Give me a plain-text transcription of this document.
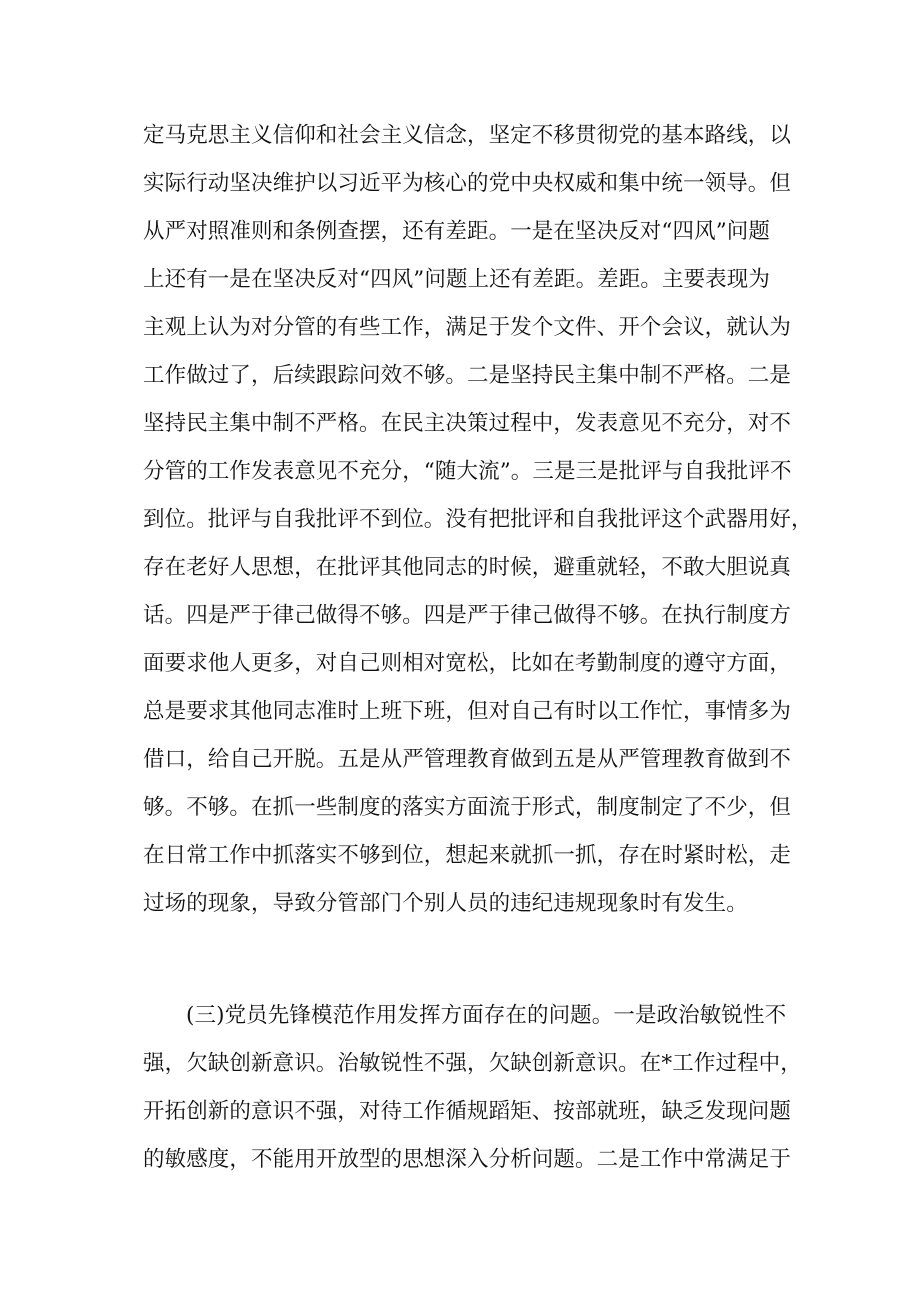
定马克思主义信仰和社会主义信念，坚定不移贯彻党的基本路线，以
实际行动坚决维护以习近平为核心的党中央权威和集中统一领导。但
从严对照准则和条例查摆，还有差距。一是在坚决反对“四风”问题
上还有一是在坚决反对“四风”问题上还有差距。差距。主要表现为
主观上认为对分管的有些工作，满足于发个文件、开个会议，就认为
工作做过了，后续跟踪问效不够。二是坚持民主集中制不严格。二是
坚持民主集中制不严格。在民主决策过程中，发表意见不充分，对不
分管的工作发表意见不充分，“随大流”。三是三是批评与自我批评不
到位。批评与自我批评不到位。没有把批评和自我批评这个武器用好，
存在老好人思想，在批评其他同志的时候，避重就轻，不敢大胆说真
话。四是严于律己做得不够。四是严于律己做得不够。在执行制度方
面要求他人更多，对自己则相对宽松，比如在考勤制度的遵守方面，
总是要求其他同志准时上班下班，但对自己有时以工作忙，事情多为
借口，给自己开脱。五是从严管理教育做到五是从严管理教育做到不
够。不够。在抓一些制度的落实方面流于形式，制度制定了不少，但
在日常工作中抓落实不够到位，想起来就抓一抓，存在时紧时松，走
过场的现象，导致分管部门个别人员的违纪违规现象时有发生。
(三)党员先锋模范作用发挥方面存在的问题。一是政治敏锐性不
强，欠缺创新意识。治敏锐性不强，欠缺创新意识。在*工作过程中，
开拓创新的意识不强，对待工作循规蹈矩、按部就班，缺乏发现问题
的敏感度，不能用开放型的思想深入分析问题。二是工作中常满足于
